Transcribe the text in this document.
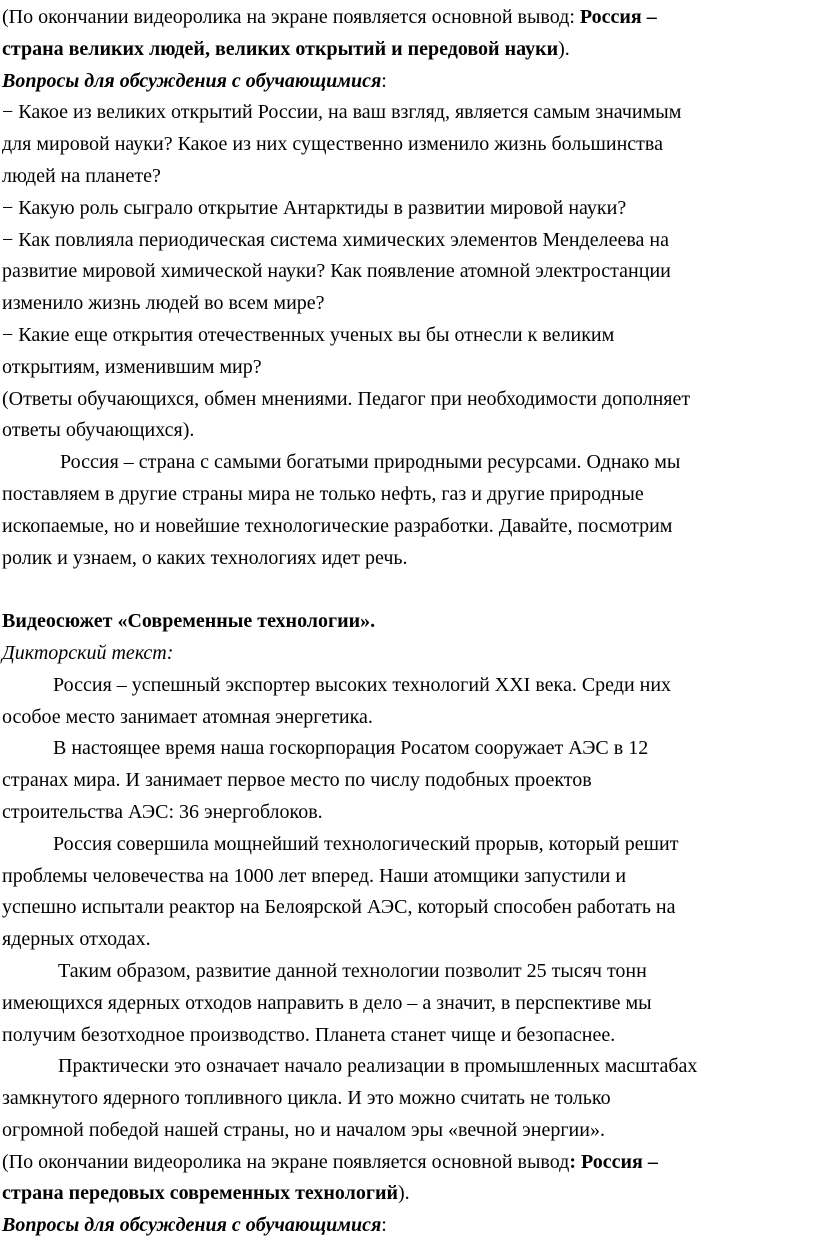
(По окончании видеоролика на экране появляется основной вывод: Россия –
страна великих людей, великих открытий и передовой науки).
Вопросы для обсуждения с обучающимися:
− Какое из великих открытий России, на ваш взгляд, является самым значимым
для мировой науки? Какое из них существенно изменило жизнь большинства
людей на планете?
− Какую роль сыграло открытие Антарктиды в развитии мировой науки?
− Как повлияла периодическая система химических элементов Менделеева на
развитие мировой химической науки? Как появление атомной электростанции
изменило жизнь людей во всем мире?
− Какие еще открытия отечественных ученых вы бы отнесли к великим
открытиям, изменившим мир?
(Ответы обучающихся, обмен мнениями. Педагог при необходимости дополняет
ответы обучающихся).
Россия – страна с самыми богатыми природными ресурсами. Однако мы
поставляем в другие страны мира не только нефть, газ и другие природные
ископаемые, но и новейшие технологические разработки. Давайте, посмотрим
ролик и узнаем, о каких технологиях идет речь.
Видеосюжет «Современные технологии».
Дикторский текст:
Россия – успешный экспортер высоких технологий XXI века. Среди них
особое место занимает атомная энергетика.
В настоящее время наша госкорпорация Росатом сооружает АЭС в 12
странах мира. И занимает первое место по числу подобных проектов
строительства АЭС: 36 энергоблоков.
Россия совершила мощнейший технологический прорыв, который решит
проблемы человечества на 1000 лет вперед. Наши атомщики запустили и
успешно испытали реактор на Белоярской АЭС, который способен работать на
ядерных отходах.
Таким образом, развитие данной технологии позволит 25 тысяч тонн
имеющихся ядерных отходов направить в дело – а значит, в перспективе мы
получим безотходное производство. Планета станет чище и безопаснее.
Практически это означает начало реализации в промышленных масштабах
замкнутого ядерного топливного цикла. И это можно считать не только
огромной победой нашей страны, но и началом эры «вечной энергии».
(По окончании видеоролика на экране появляется основной вывод: Россия –
страна передовых современных технологий).
Вопросы для обсуждения с обучающимися:
